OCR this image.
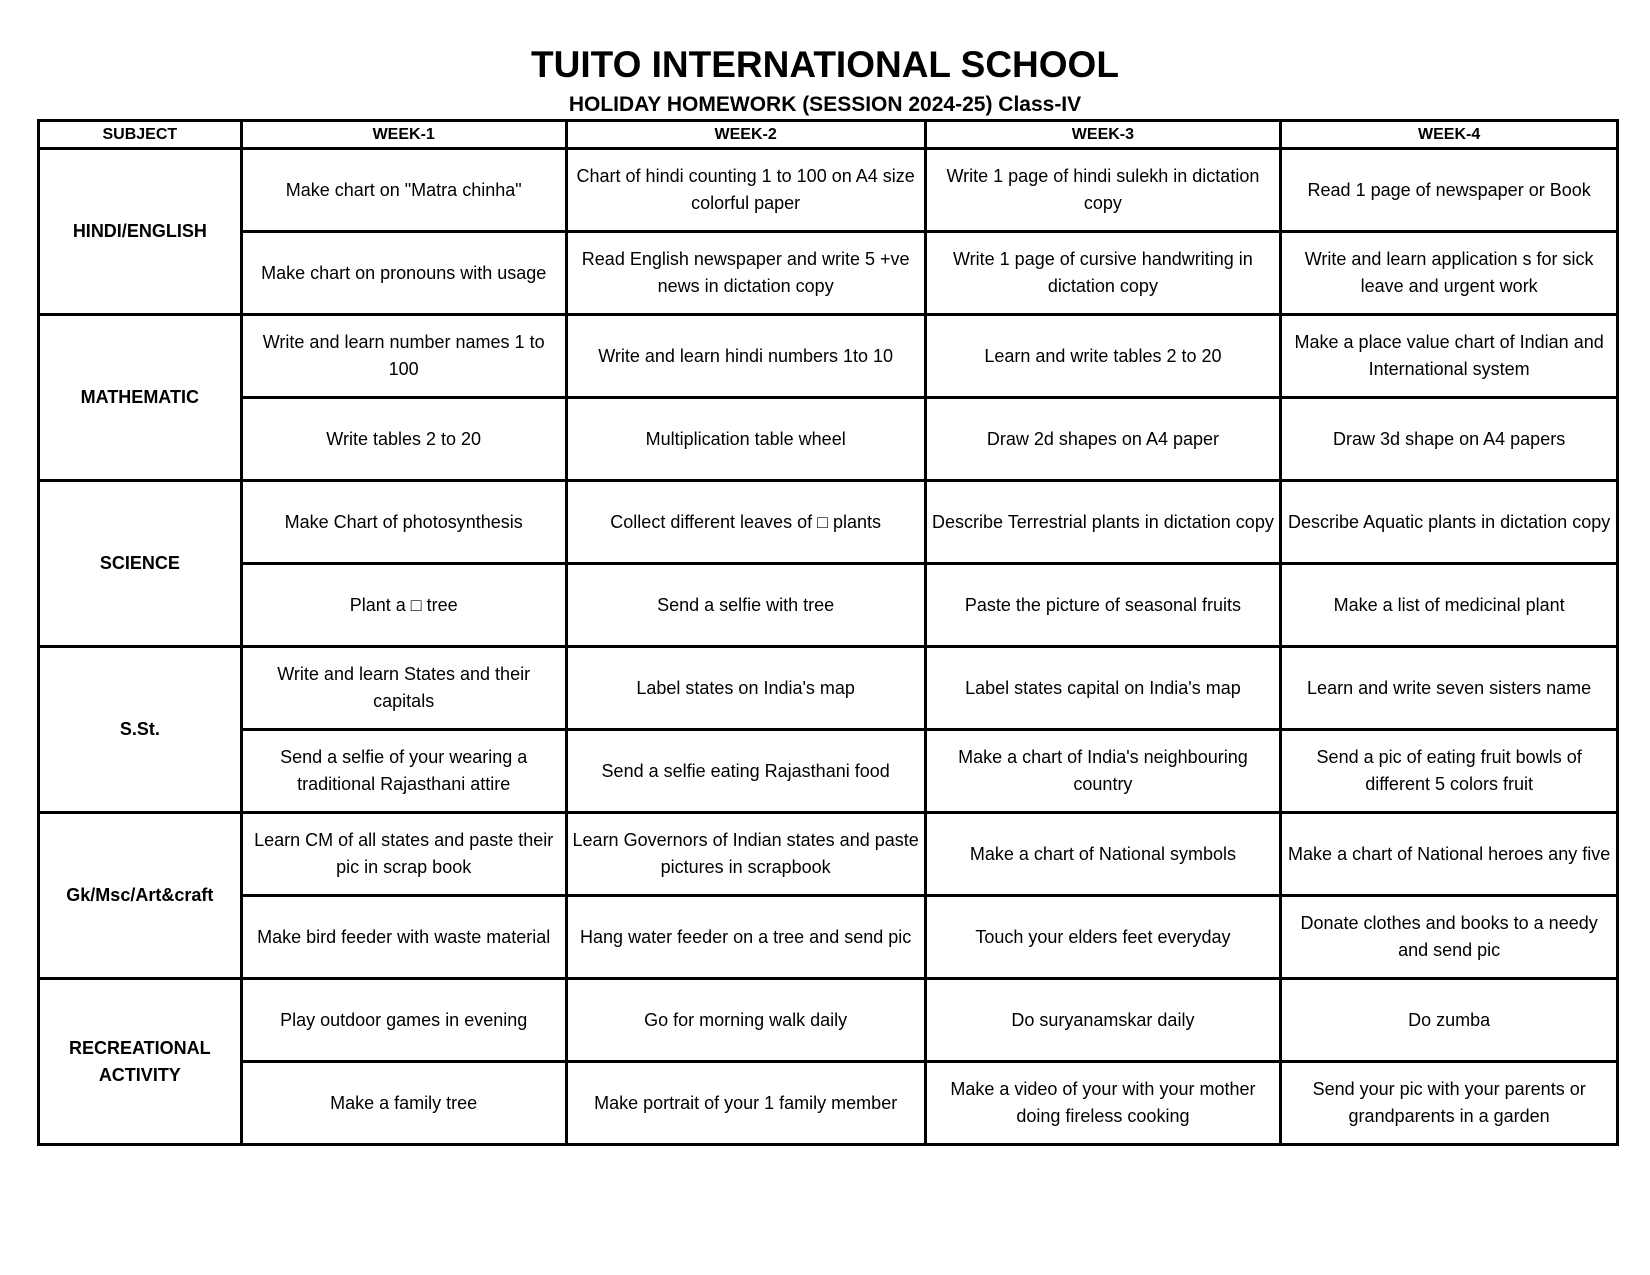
TUITO INTERNATIONAL SCHOOL
HOLIDAY HOMEWORK (SESSION 2024-25) Class-IV
SUBJECT	WEEK-1	WEEK-2	WEEK-3	WEEK-4
HINDI/ENGLISH	Make chart on "Matra chinha"	Chart of hindi counting 1 to 100 on A4 size colorful paper	Write 1 page of hindi sulekh in dictation copy	Read 1 page of newspaper or Book
	Make chart on pronouns with usage	Read English newspaper and write 5 +ve news in dictation copy	Write 1 page of cursive handwriting in dictation copy	Write and learn application s for sick leave and urgent work
MATHEMATIC	Write and learn number names 1 to 100	Write and learn hindi numbers 1to 10	Learn and write tables 2 to 20	Make a place value chart of Indian and International system
	Write tables 2 to 20	Multiplication table wheel	Draw 2d shapes on A4 paper	Draw 3d shape on A4 papers
SCIENCE	Make Chart of photosynthesis	Collect different leaves of □ plants	Describe Terrestrial plants in dictation copy	Describe Aquatic plants in dictation copy
	Plant a □ tree	Send a selfie with tree	Paste the picture of seasonal fruits	Make a list of medicinal plant
S.St.	Write and learn States and their capitals	Label states on India's map	Label states capital on India's map	Learn and write seven sisters name
	Send a selfie of your wearing a traditional Rajasthani attire	Send a selfie eating Rajasthani food	Make a chart of India's neighbouring country	Send a pic of eating fruit bowls of different 5 colors fruit
Gk/Msc/Art&craft	Learn CM of all states and paste their pic in scrap book	Learn Governors of Indian states and paste pictures in scrapbook	Make a chart of National symbols	Make a chart of National heroes any five
	Make bird feeder with waste material	Hang water feeder on a tree and send pic	Touch your elders feet everyday	Donate clothes and books to a needy and send pic
RECREATIONAL ACTIVITY	Play outdoor games in evening	Go for morning walk daily	Do suryanamskar daily	Do zumba
	Make a family tree	Make portrait of your 1 family member	Make a video of your with your mother doing fireless cooking	Send your pic with your parents or grandparents in a garden
